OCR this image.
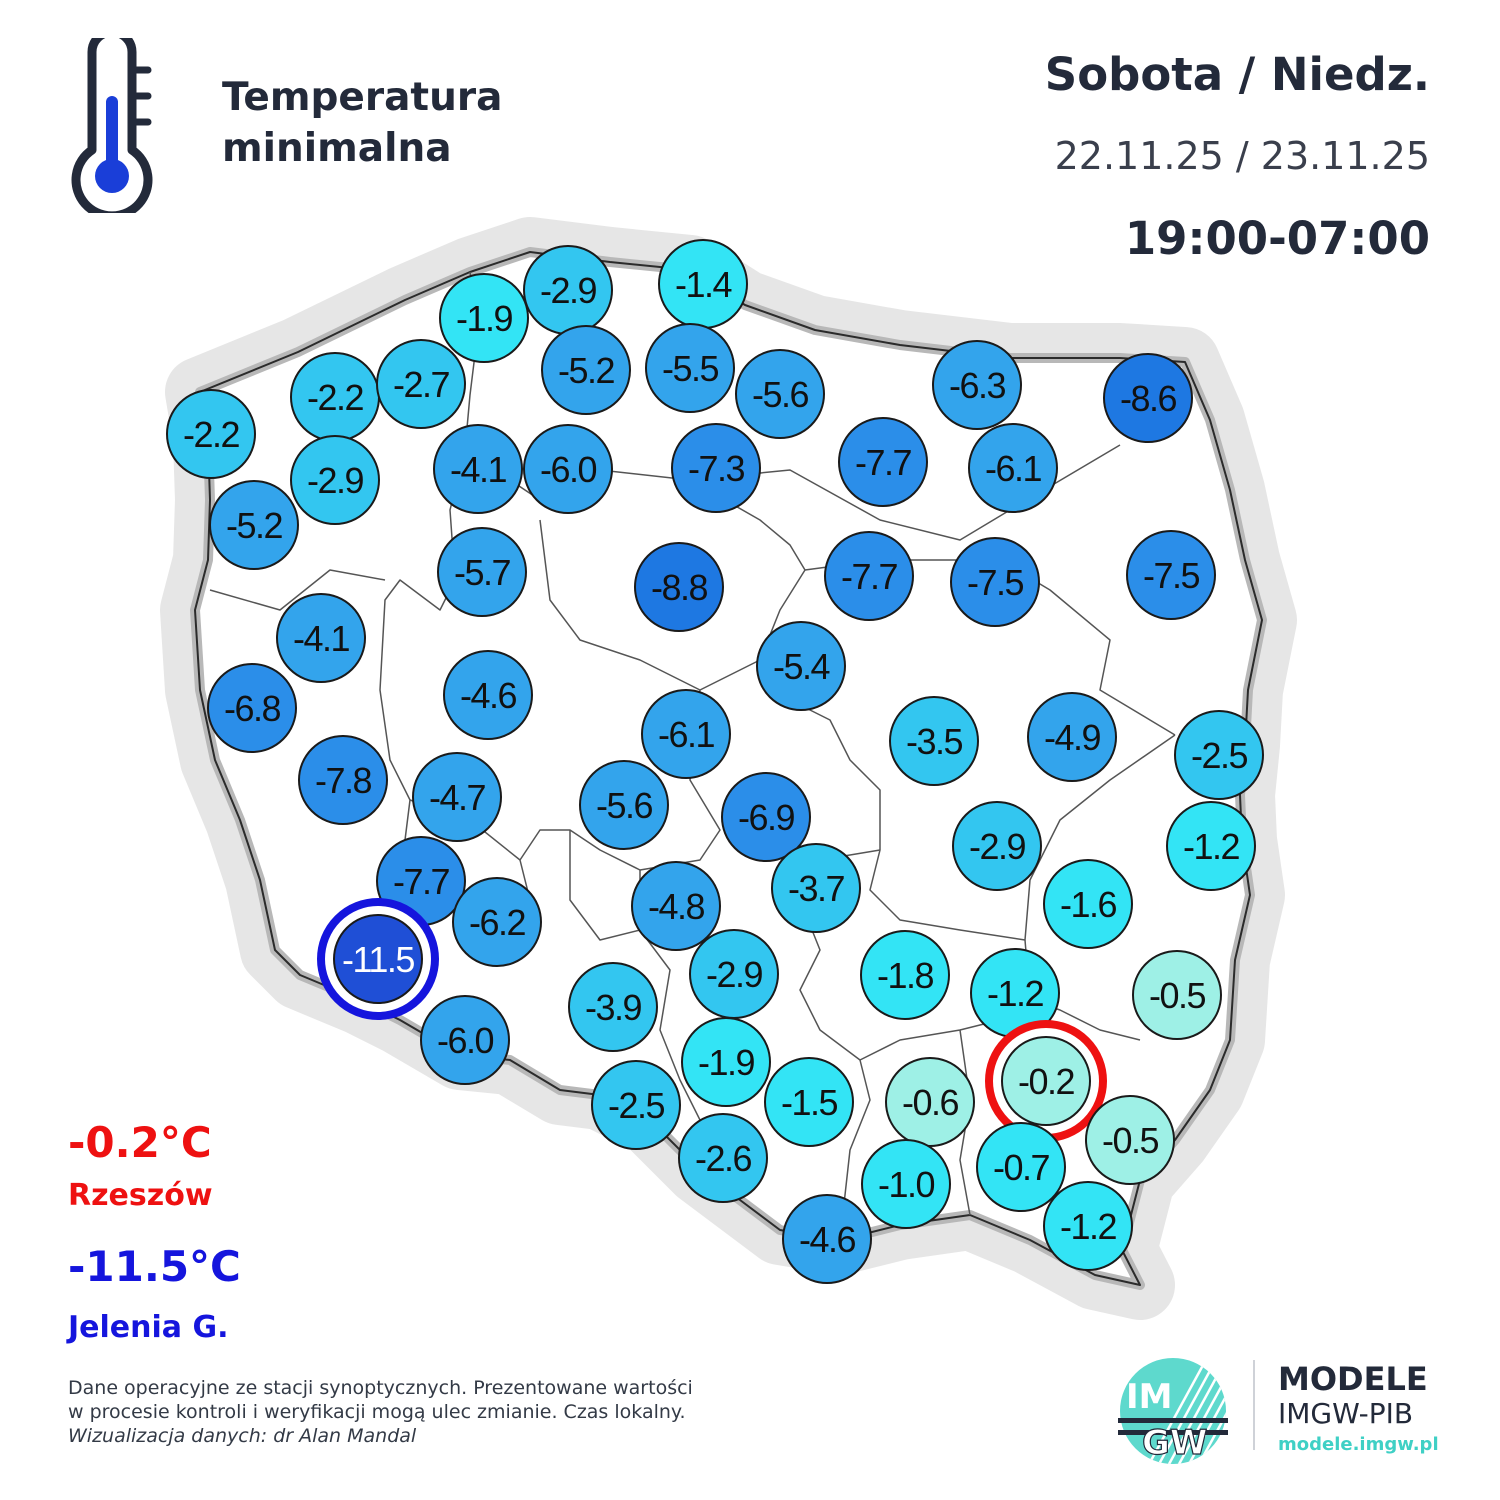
Temperatura
minimalna
Sobota / Niedz.
22.11.25 / 23.11.25
19:00-07:00
-2.9 -1.4
-1.9
-5.2 -5.5
-2.2 -2.7	-5.6	-6.3	-8.6
-2.2
-4.1 -6.0	-7.3	-7.7 -6.1
-2.9
-5.2
-5.7	-8.8	-7.7 -7.5	-7.5
-4.1
-5.4
-6.8	-4.6
-6.1	-3.5 -4.9	-2.5
-7.8 -4.7	-5.6 -6.9
-2.9	-1.2
-7.7	-3.7
-4.8	-1.6
-6.2
-11.5	-2.9	-1.8 -1.2	-0.5
-3.9
-6.0
-0.2
-1.9
-2.5	-1.5 -0.6
-0.5
-2.6	-0.7
-1.0
-1.2
-4.6
-0.2°C
Rzeszów
-11.5°C
Jelenia G.
Dane operacyjne ze stacji synoptycznych. Prezentowane wartości
w procesie kontroli i weryfikacji mogą ulec zmianie. Czas lokalny.
Wizualizacja danych: dr Alan Mandal
IM
GW
MODELE
IMGW-PIB
modele.imgw.pl
